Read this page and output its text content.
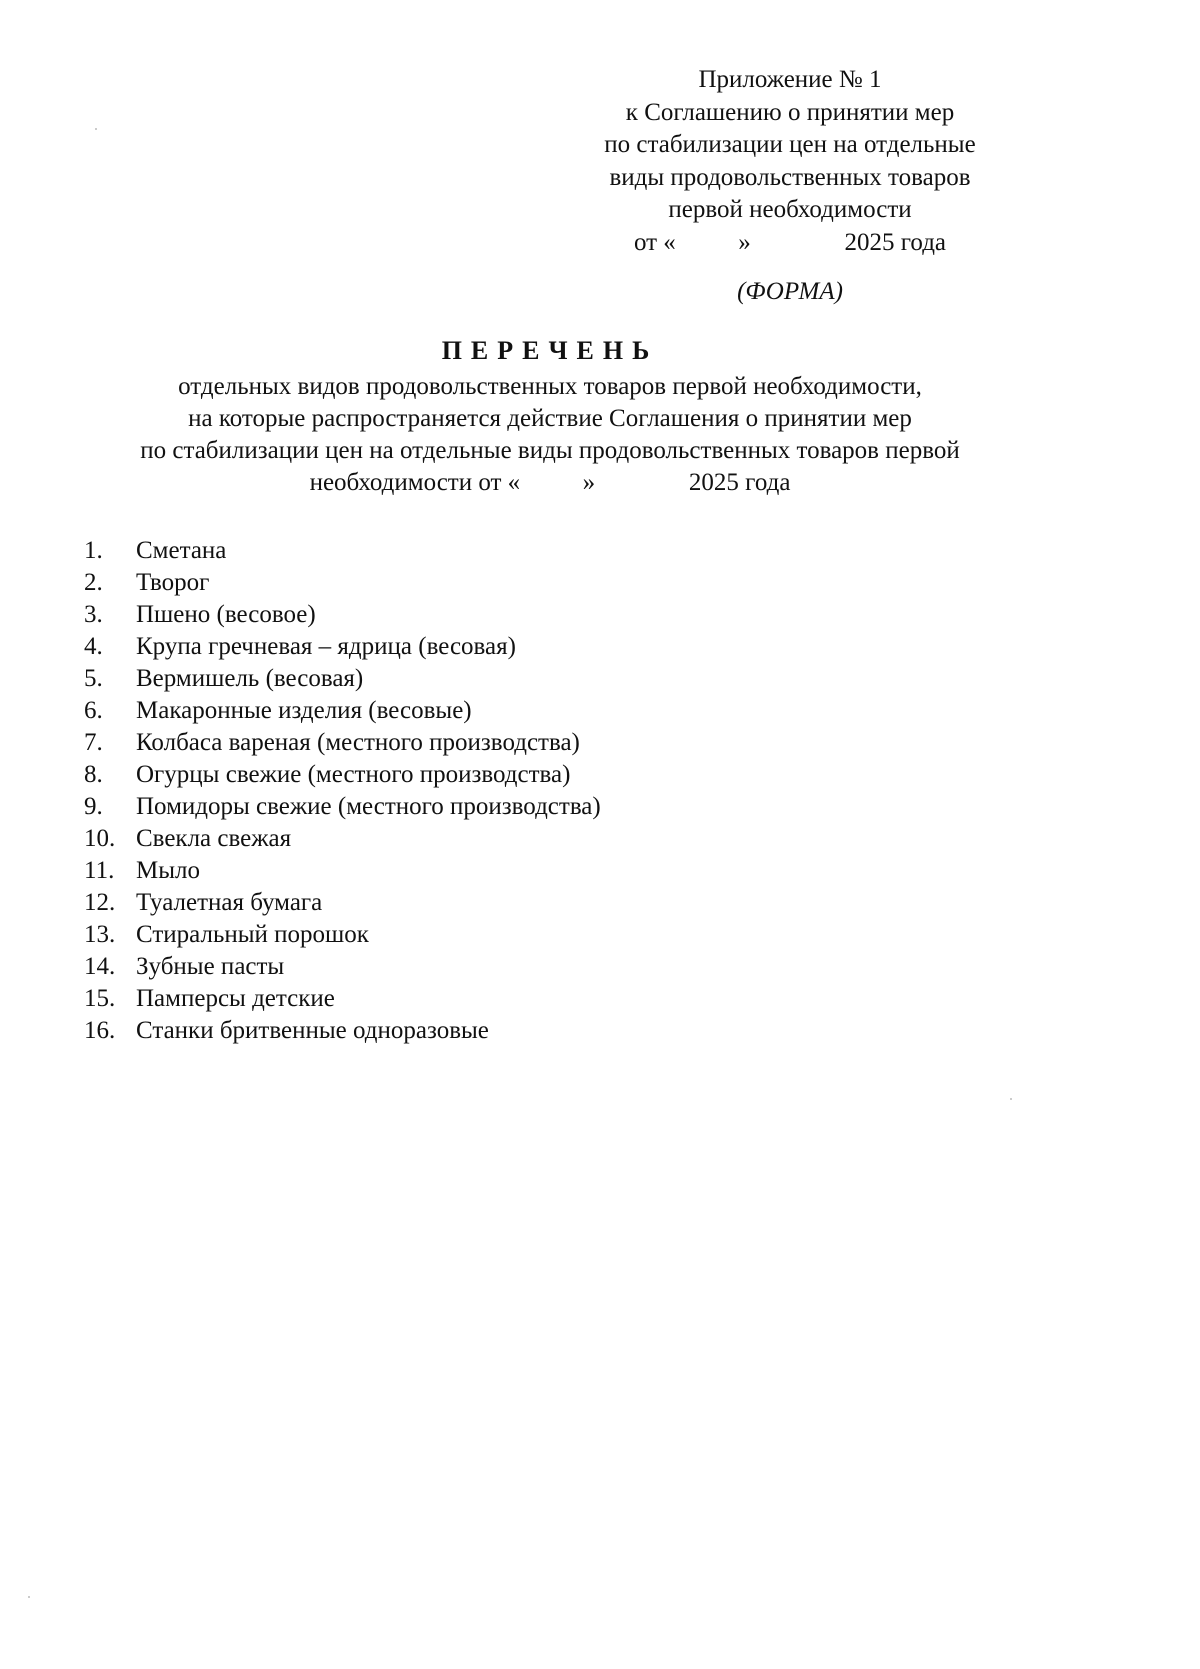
Приложение № 1
к Соглашению о принятии мер
по стабилизации цен на отдельные
виды продовольственных товаров
первой необходимости
от «          »               2025 года
(ФОРМА)
ПЕРЕЧЕНЬ
отдельных видов продовольственных товаров первой необходимости,
на которые распространяется действие Соглашения о принятии мер
по стабилизации цен на отдельные виды продовольственных товаров первой
необходимости от «          »               2025 года
1.	Сметана
2.	Творог
3.	Пшено (весовое)
4.	Крупа гречневая – ядрица (весовая)
5.	Вермишель (весовая)
6.	Макаронные изделия (весовые)
7.	Колбаса вареная (местного производства)
8.	Огурцы свежие (местного производства)
9.	Помидоры свежие (местного производства)
10. Свекла свежая
11. Мыло
12. Туалетная бумага
13. Стиральный порошок
14. Зубные пасты
15. Памперсы детские
16. Станки бритвенные одноразовые
